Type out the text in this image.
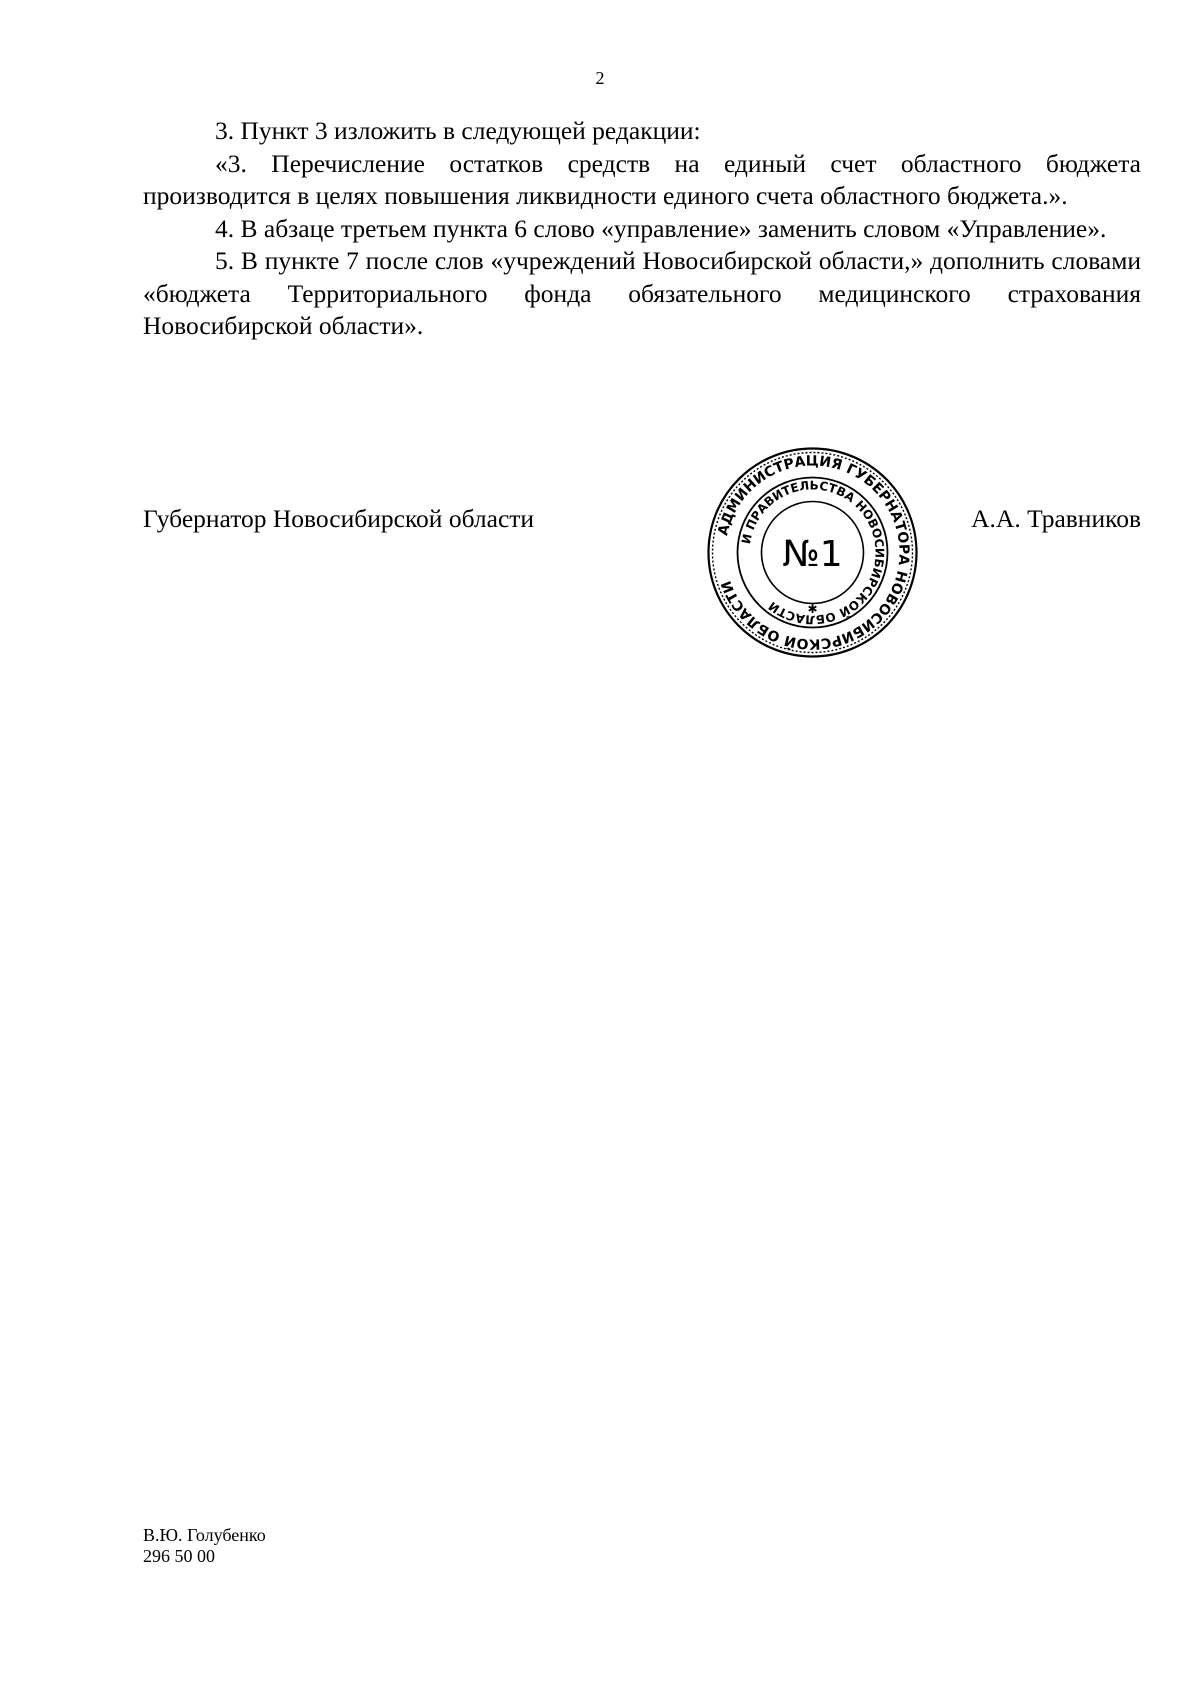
2

3. Пункт 3 изложить в следующей редакции:

«3. Перечисление остатков средств на единый счет областного бюджета производится в целях повышения ликвидности единого счета областного бюджета.».

4. В абзаце третьем пункта 6 слово «управление» заменить словом «Управление».

5. В пункте 7 после слов «учреждений Новосибирской области,» дополнить словами «бюджета Территориального фонда обязательного медицинского страхования Новосибирской области».

Губернатор Новосибирской области	А.А. Травников
АДМИНИСТРАЦИЯ ГУБЕРНАТОРА НОВОСИБИРСКОЙ ОБЛАСТИ
И ПРАВИТЕЛЬСТВА НОВОСИБИРСКОЙ ОБЛАСТИ
№1
✱
В.Ю. Голубенко
296 50 00
